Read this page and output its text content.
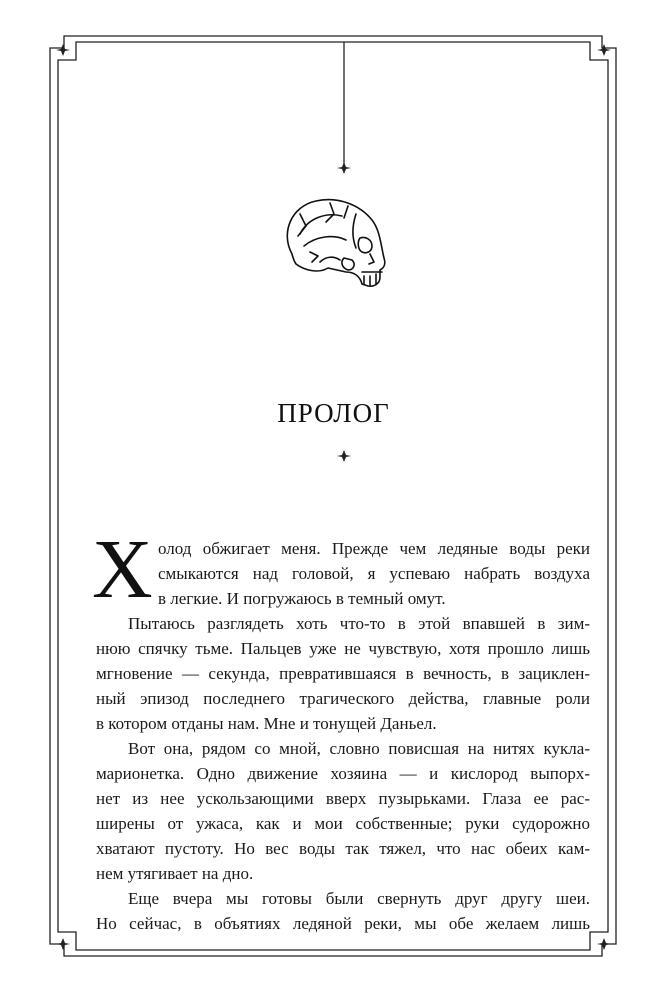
ПРОЛОГ
Х олод обжигает меня. Прежде чем ледяные воды реки
смыкаются над головой, я успеваю набрать воздуха
в легкие. И погружаюсь в темный омут.
Пытаюсь разглядеть хоть что-то в этой впавшей в зим-
нюю спячку тьме. Пальцев уже не чувствую, хотя прошло лишь
мгновение — секунда, превратившаяся в вечность, в зациклен-
ный эпизод последнего трагического действа, главные роли
в котором отданы нам. Мне и тонущей Даньел.
Вот она, рядом со мной, словно повисшая на нитях кукла-
марионетка. Одно движение хозяина — и кислород выпорх-
нет из нее ускользающими вверх пузырьками. Глаза ее рас-
ширены от ужаса, как и мои собственные; руки судорожно
хватают пустоту. Но вес воды так тяжел, что нас обеих кам-
нем утягивает на дно.
Еще вчера мы готовы были свернуть друг другу шеи.
Но сейчас, в объятиях ледяной реки, мы обе желаем лишь
